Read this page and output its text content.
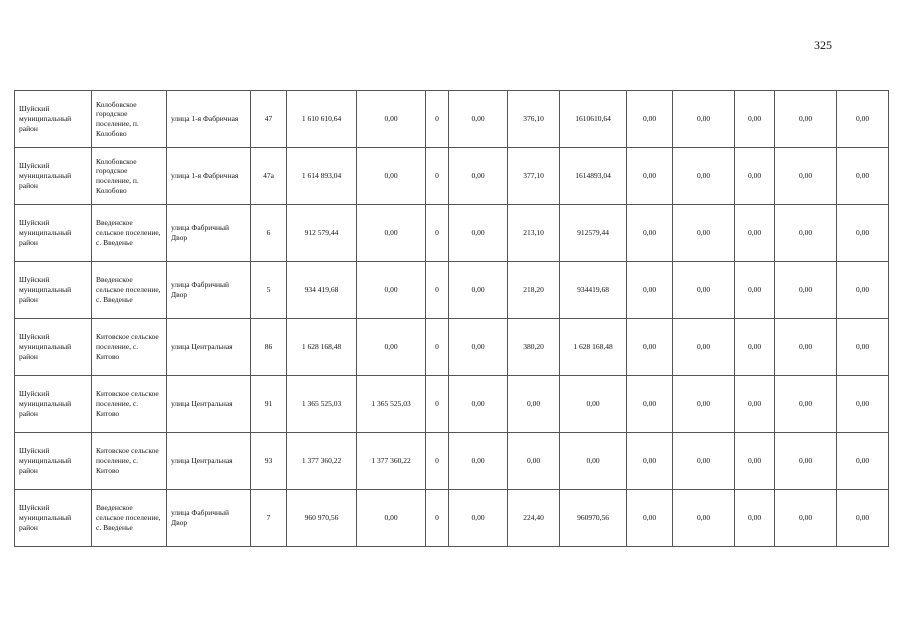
325
Шуйский муниципальный район	Колобовское городское поселение, п. Колобово	улица 1-я Фабричная	47	1 610 610,64	0,00	0	0,00	376,10	1610610,64	0,00	0,00	0,00	0,00	0,00
Шуйский муниципальный район	Колобовское городское поселение, п. Колобово	улица 1-я Фабричная	47а	1 614 893,04	0,00	0	0,00	377,10	1614893,04	0,00	0,00	0,00	0,00	0,00
Шуйский муниципальный район	Введенское сельское поселение, с. Введенье	улица Фабричный Двор	6	912 579,44	0,00	0	0,00	213,10	912579,44	0,00	0,00	0,00	0,00	0,00
Шуйский муниципальный район	Введенское сельское поселение, с. Введенье	улица Фабричный Двор	5	934 419,68	0,00	0	0,00	218,20	934419,68	0,00	0,00	0,00	0,00	0,00
Шуйский муниципальный район	Китовское сельское поселение, с. Китово	улица Центральная	86	1 628 168,48	0,00	0	0,00	380,20	1 628 168,48	0,00	0,00	0,00	0,00	0,00
Шуйский муниципальный район	Китовское сельское поселение, с. Китово	улица Центральная	91	1 365 525,03	1 365 525,03	0	0,00	0,00	0,00	0,00	0,00	0,00	0,00	0,00
Шуйский муниципальный район	Китовское сельское поселение, с. Китово	улица Центральная	93	1 377 360,22	1 377 360,22	0	0,00	0,00	0,00	0,00	0,00	0,00	0,00	0,00
Шуйский муниципальный район	Введенское сельское поселение, с. Введенье	улица Фабричный Двор	7	960 970,56	0,00	0	0,00	224,40	960970,56	0,00	0,00	0,00	0,00	0,00
